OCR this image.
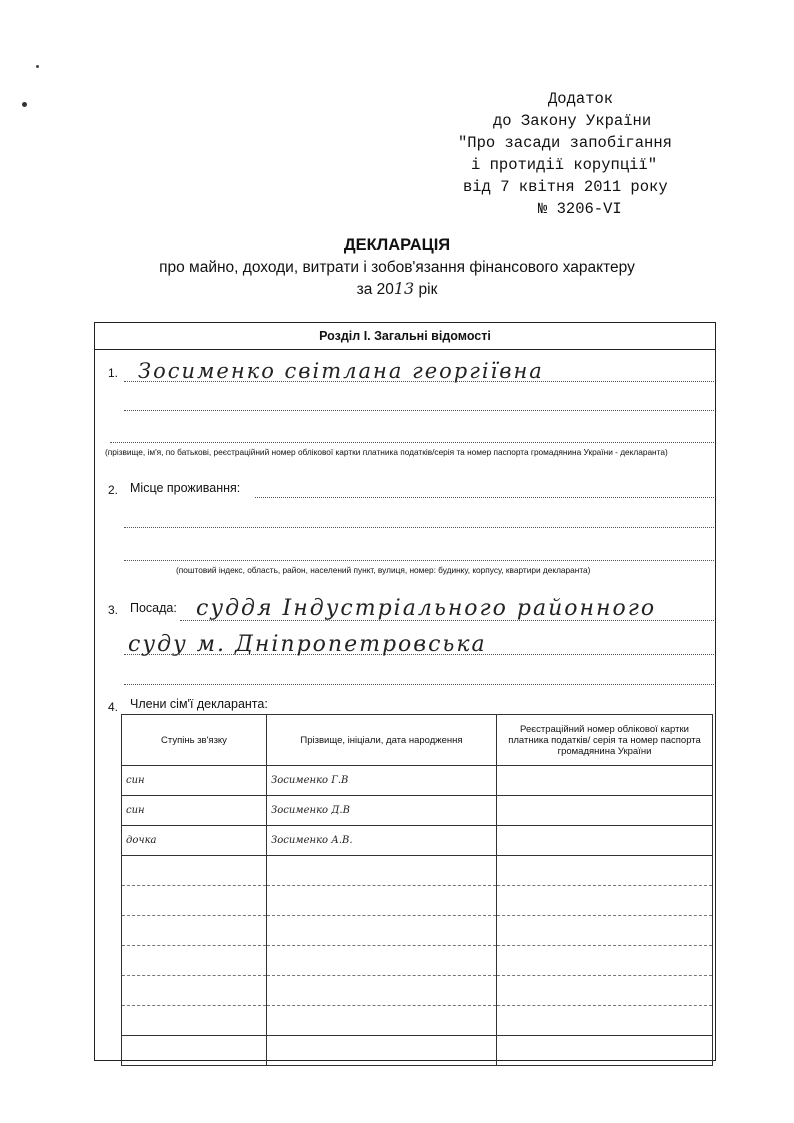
Додаток
до Закону України
"Про засади запобігання
і протидії корупції"
від 7 квітня 2011 року
№ 3206-VI
ДЕКЛАРАЦІЯ
про майно, доходи, витрати і зобов'язання фінансового характеру
за 2013 рік
Розділ І. Загальні відомості
1. Зосименко світлана георгіївна
(прізвище, ім'я, по батькові, реєстраційний номер облікової картки платника податків/серія та номер паспорта громадянина України - декларанта)
2. Місце проживання:
(поштовий індекс, область, район, населений пункт, вулиця, номер: будинку, корпусу, квартири декларанта)
3. Посада: суддя Індустріального районного
суду м. Дніпропетровська
4. Члени сім'ї декларанта:
Ступінь зв'язку	Прізвище, ініціали, дата народження	Реєстраційний номер облікової картки платника податків/ серія та номер паспорта громадянина України
син	Зосименко Г.В	
син	Зосименко Д.В	
дочка	Зосименко А.В.	
